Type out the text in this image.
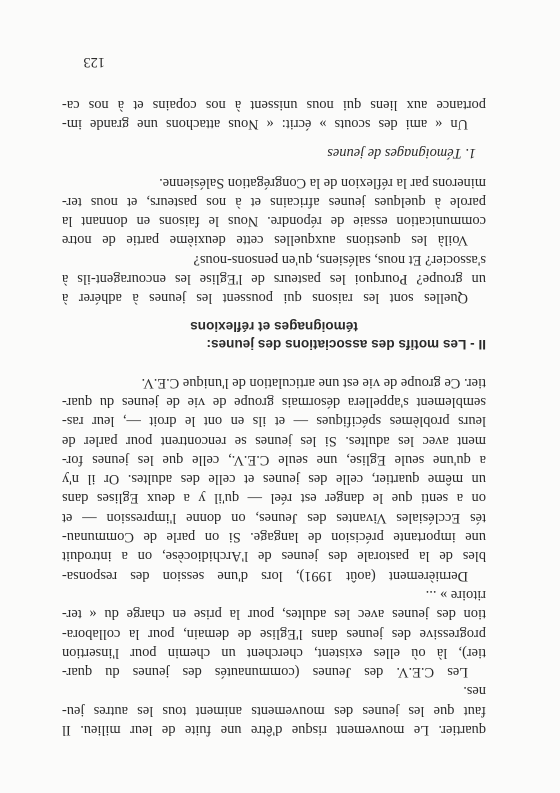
quartier. Le mouvement risque d'être une fuite de leur milieu. Il
faut que les jeunes des mouvements animent tous les autres jeu-
nes.
Les C.E.V. des Jeunes (communautés des jeunes du quar-
tier), là où elles existent, cherchent un chemin pour l'insertion
progressive des jeunes dans l'Eglise de demain, pour la collabora-
tion des jeunes avec les adultes, pour la prise en charge du « ter-
ritoire » ...
Dernièrement (août 1991), lors d'une session des responsa-
bles de la pastorale des jeunes de l'Archidiocèse, on a introduit
une importante précision de langage. Si on parle de Communau-
tés Ecclésiales Vivantes des Jeunes, on donne l'impression — et
on a senti que le danger est réel — qu'il y a deux Eglises dans
un même quartier, celle des jeunes et celle des adultes. Or il n'y
a qu'une seule Eglise, une seule C.E.V., celle que les jeunes for-
ment avec les adultes. Si les jeunes se rencontrent pour parler de
leurs problèmes spécifiques — et ils en ont le droit —, leur ras-
semblement s'appellera désormais groupe de vie de jeunes du quar-
tier. Ce groupe de vie est une articulation de l'unique C.E.V.
II - Les motifs des associations des jeunes:
témoignages et réflexions
Quelles sont les raisons qui poussent les jeunes à adhérer à
un groupe? Pourquoi les pasteurs de l'Eglise les encouragent-ils à
s'associer? Et nous, salésiens, qu'en pensons-nous?
Voilà les questions auxquelles cette deuxième partie de notre
communication essaie de répondre. Nous le faisons en donnant la
parole à quelques jeunes africains et à nos pasteurs, et nous ter-
minerons par la réflexion de la Congrégation Salésienne.
1. Témoignages de jeunes
Un « ami des scouts » écrit: « Nous attachons une grande im-
portance aux liens qui nous unissent à nos copains et à nos ca-
123
